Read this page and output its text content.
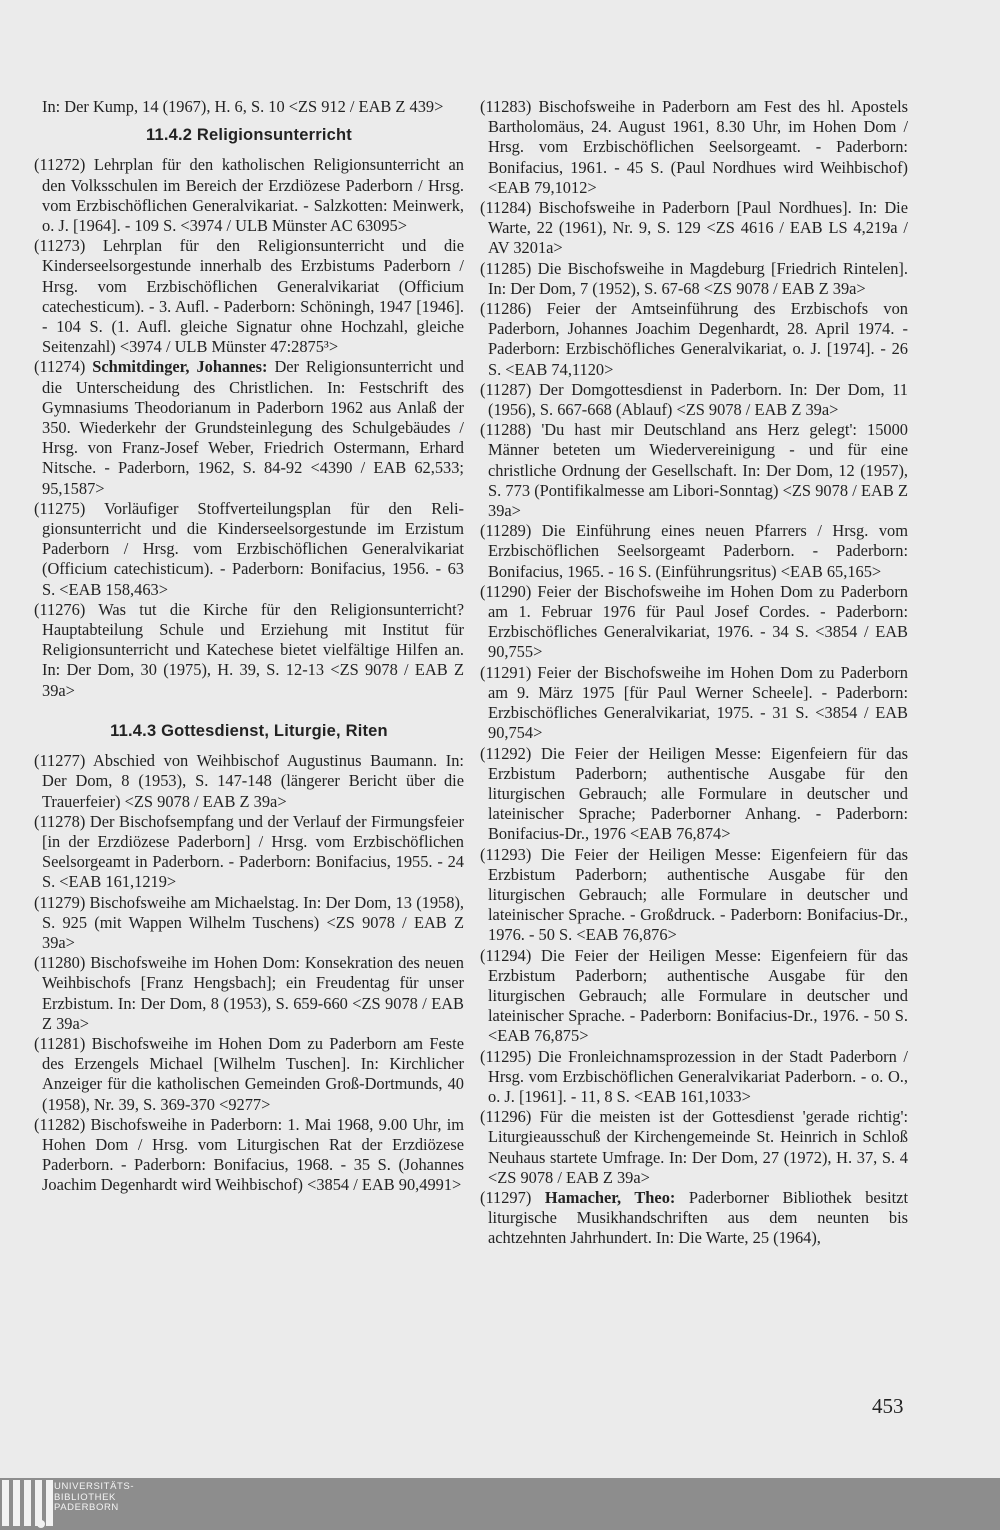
In: Der Kump, 14 (1967), H. 6, S. 10 <ZS 912 / EAB Z 439>

11.4.2 Religionsunterricht

(11272) Lehrplan für den katholischen Religionsunterricht an den Volksschulen im Bereich der Erzdiözese Paderborn / Hrsg. vom Erzbischöflichen Generalvikariat. - Salzkotten: Meinwerk, o. J. [1964]. - 109 S. <3974 / ULB Münster AC 63095>

(11273) Lehrplan für den Religionsunterricht und die Kinderseelsorgestunde innerhalb des Erzbistums Paderborn / Hrsg. vom Erzbischöflichen Generalvikariat (Officium catechesticum). - 3. Aufl. - Paderborn: Schöningh, 1947 [1946]. - 104 S. (1. Aufl. gleiche Signatur ohne Hochzahl, gleiche Seitenzahl) <3974 / ULB Münster 47:2875³>

(11274) Schmitdinger, Johannes: Der Religionsunterricht und die Unterscheidung des Christlichen. In: Festschrift des Gymnasiums Theodorianum in Paderborn 1962 aus Anlaß der 350. Wiederkehr der Grundsteinlegung des Schulgebäudes / Hrsg. von Franz-Josef Weber, Friedrich Ostermann, Erhard Nitsche. - Paderborn, 1962, S. 84-92 <4390 / EAB 62,533; 95,1587>

(11275) Vorläufiger Stoffverteilungsplan für den Religionsunterricht und die Kinderseelsorgestunde im Erzistum Paderborn / Hrsg. vom Erzbischöflichen Generalvikariat (Officium catechisticum). - Paderborn: Bonifacius, 1956. - 63 S. <EAB 158,463>

(11276) Was tut die Kirche für den Religionsunterricht? Hauptabteilung Schule und Erziehung mit Institut für Religionsunterricht und Katechese bietet vielfältige Hilfen an. In: Der Dom, 30 (1975), H. 39, S. 12-13 <ZS 9078 / EAB Z 39a>

11.4.3 Gottesdienst, Liturgie, Riten

(11277) Abschied von Weihbischof Augustinus Baumann. In: Der Dom, 8 (1953), S. 147-148 (längerer Bericht über die Trauerfeier) <ZS 9078 / EAB Z 39a>

(11278) Der Bischofsempfang und der Verlauf der Firmungsfeier [in der Erzdiözese Paderborn] / Hrsg. vom Erzbischöflichen Seelsorgeamt in Paderborn. - Paderborn: Bonifacius, 1955. - 24 S. <EAB 161,1219>

(11279) Bischofsweihe am Michaelstag. In: Der Dom, 13 (1958), S. 925 (mit Wappen Wilhelm Tuschens) <ZS 9078 / EAB Z 39a>

(11280) Bischofsweihe im Hohen Dom: Konsekration des neuen Weihbischofs [Franz Hengsbach]; ein Freudentag für unser Erzbistum. In: Der Dom, 8 (1953), S. 659-660 <ZS 9078 / EAB Z 39a>

(11281) Bischofsweihe im Hohen Dom zu Paderborn am Feste des Erzengels Michael [Wilhelm Tuschen]. In: Kirchlicher Anzeiger für die katholischen Gemeinden Groß-Dortmunds, 40 (1958), Nr. 39, S. 369-370 <9277>

(11282) Bischofsweihe in Paderborn: 1. Mai 1968, 9.00 Uhr, im Hohen Dom / Hrsg. vom Liturgischen Rat der Erzdiözese Paderborn. - Paderborn: Bonifacius, 1968. - 35 S. (Johannes Joachim Degenhardt wird Weihbischof) <3854 / EAB 90,4991>

(11283) Bischofsweihe in Paderborn am Fest des hl. Apostels Bartholomäus, 24. August 1961, 8.30 Uhr, im Hohen Dom / Hrsg. vom Erzbischöflichen Seelsorgeamt. - Paderborn: Bonifacius, 1961. - 45 S. (Paul Nordhues wird Weihbischof) <EAB 79,1012>

(11284) Bischofsweihe in Paderborn [Paul Nordhues]. In: Die Warte, 22 (1961), Nr. 9, S. 129 <ZS 4616 / EAB LS 4,219a / AV 3201a>

(11285) Die Bischofsweihe in Magdeburg [Friedrich Rintelen]. In: Der Dom, 7 (1952), S. 67-68 <ZS 9078 / EAB Z 39a>

(11286) Feier der Amtseinführung des Erzbischofs von Paderborn, Johannes Joachim Degenhardt, 28. April 1974. - Paderborn: Erzbischöfliches Generalvikariat, o. J. [1974]. - 26 S. <EAB 74,1120>

(11287) Der Domgottesdienst in Paderborn. In: Der Dom, 11 (1956), S. 667-668 (Ablauf) <ZS 9078 / EAB Z 39a>

(11288) 'Du hast mir Deutschland ans Herz gelegt': 15000 Männer beteten um Wiedervereinigung - und für eine christliche Ordnung der Gesellschaft. In: Der Dom, 12 (1957), S. 773 (Pontifikalmesse am Libori-Sonntag) <ZS 9078 / EAB Z 39a>

(11289) Die Einführung eines neuen Pfarrers / Hrsg. vom Erzbischöflichen Seelsorgeamt Paderborn. - Paderborn: Bonifacius, 1965. - 16 S. (Einführungsritus) <EAB 65,165>

(11290) Feier der Bischofsweihe im Hohen Dom zu Paderborn am 1. Februar 1976 für Paul Josef Cordes. - Paderborn: Erzbischöfliches Generalvikariat, 1976. - 34 S. <3854 / EAB 90,755>

(11291) Feier der Bischofsweihe im Hohen Dom zu Paderborn am 9. März 1975 [für Paul Werner Scheele]. - Paderborn: Erzbischöfliches Generalvikariat, 1975. - 31 S. <3854 / EAB 90,754>

(11292) Die Feier der Heiligen Messe: Eigenfeiern für das Erzbistum Paderborn; authentische Ausgabe für den liturgischen Gebrauch; alle Formulare in deutscher und lateinischer Sprache; Paderborner Anhang. - Paderborn: Bonifacius-Dr., 1976 <EAB 76,874>

(11293) Die Feier der Heiligen Messe: Eigenfeiern für das Erzbistum Paderborn; authentische Ausgabe für den liturgischen Gebrauch; alle Formulare in deutscher und lateinischer Sprache. - Großdruck. - Paderborn: Bonifacius-Dr., 1976. - 50 S. <EAB 76,876>

(11294) Die Feier der Heiligen Messe: Eigenfeiern für das Erzbistum Paderborn; authentische Ausgabe für den liturgischen Gebrauch; alle Formulare in deutscher und lateinischer Sprache. - Paderborn: Bonifacius-Dr., 1976. - 50 S. <EAB 76,875>

(11295) Die Fronleichnamsprozession in der Stadt Paderborn / Hrsg. vom Erzbischöflichen Generalvikariat Paderborn. - o. O., o. J. [1961]. - 11, 8 S. <EAB 161,1033>

(11296) Für die meisten ist der Gottesdienst 'gerade richtig': Liturgieausschuß der Kirchengemeinde St. Heinrich in Schloß Neuhaus startete Umfrage. In: Der Dom, 27 (1972), H. 37, S. 4 <ZS 9078 / EAB Z 39a>

(11297) Hamacher, Theo: Paderborner Bibliothek besitzt liturgische Musikhandschriften aus dem neunten bis achtzehnten Jahrhundert. In: Die Warte, 25 (1964),

453
UNIVERSITÄTS-
BIBLIOTHEK
PADERBORN
